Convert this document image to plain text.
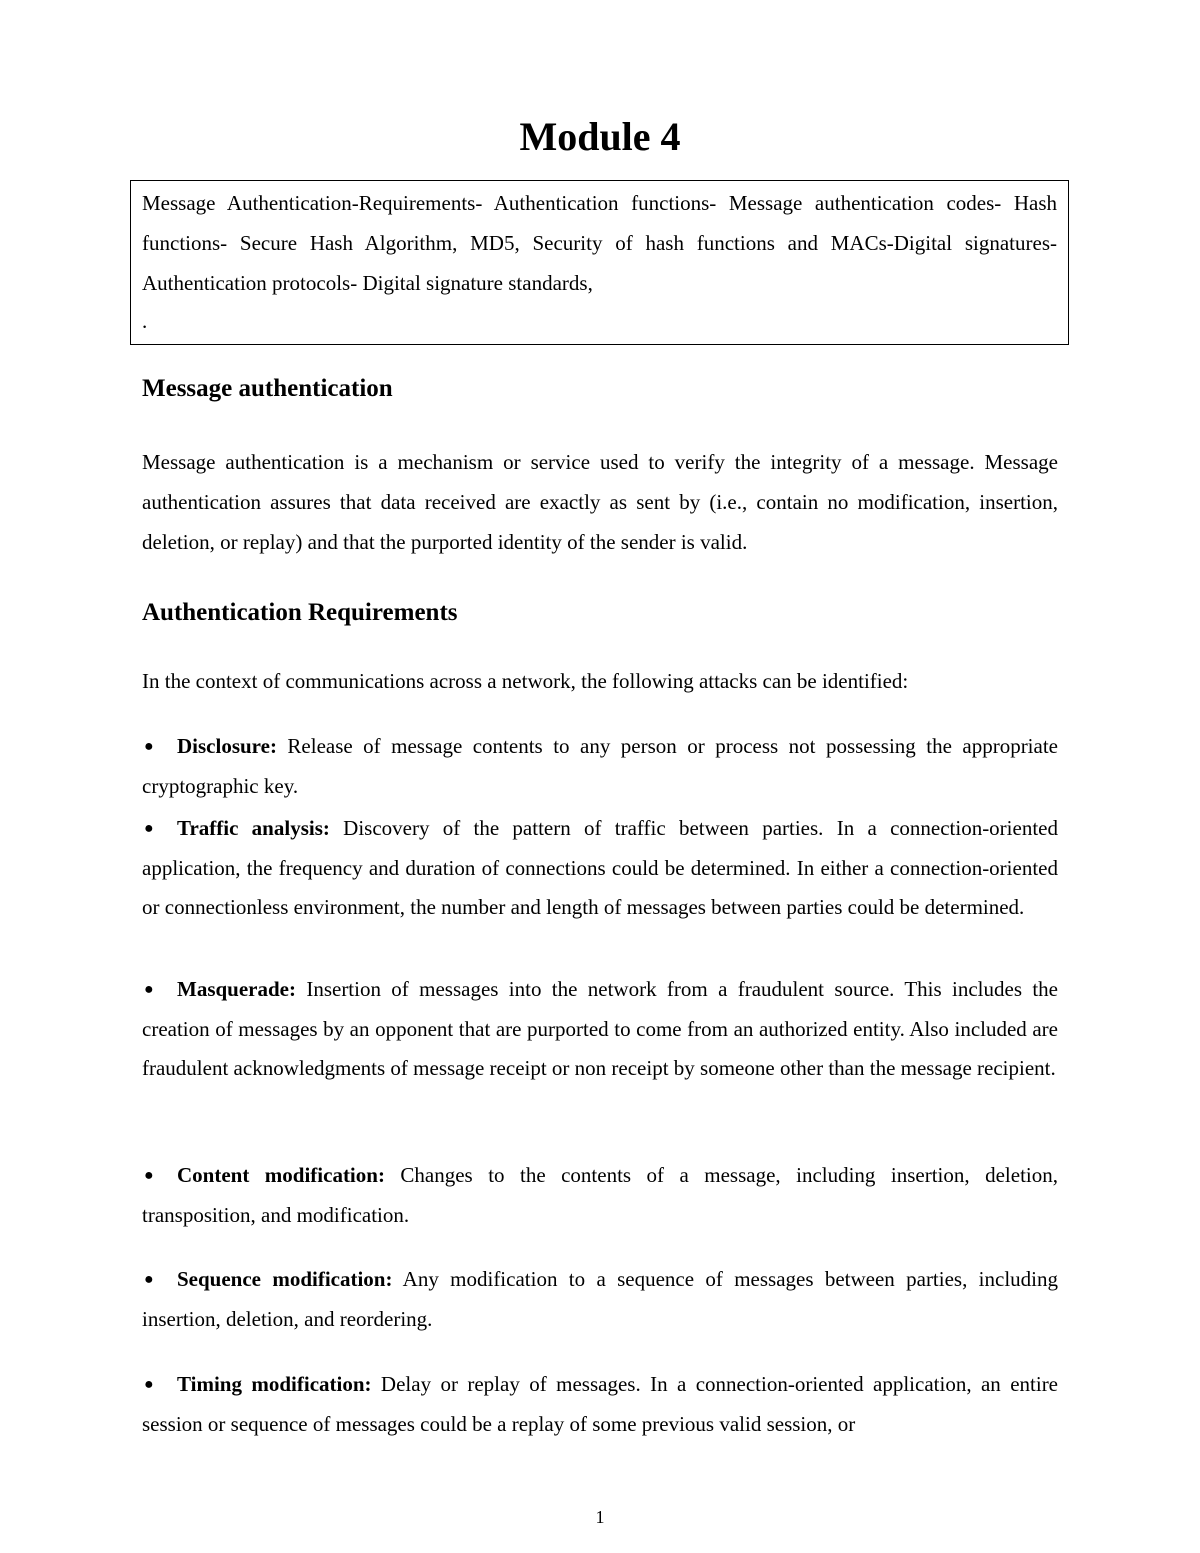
Module 4
Message Authentication-Requirements- Authentication functions- Message authentication codes- Hash functions- Secure Hash Algorithm, MD5, Security of hash functions and MACs-Digital signatures- Authentication protocols- Digital signature standards,
.
Message authentication
Message authentication is a mechanism or service used to verify the integrity of a message. Message authentication assures that data received are exactly as sent by (i.e., contain no modification, insertion, deletion, or replay) and that the purported identity of the sender is valid.
Authentication Requirements
In the context of communications across a network, the following attacks can be identified:
● Disclosure: Release of message contents to any person or process not possessing the appropriate cryptographic key.
● Traffic analysis: Discovery of the pattern of traffic between parties. In a connection-oriented application, the frequency and duration of connections could be determined. In either a connection-oriented or connectionless environment, the number and length of messages between parties could be determined.
● Masquerade: Insertion of messages into the network from a fraudulent source. This includes the creation of messages by an opponent that are purported to come from an authorized entity. Also included are fraudulent acknowledgments of message receipt or non receipt by someone other than the message recipient.
● Content modification: Changes to the contents of a message, including insertion, deletion, transposition, and modification.
● Sequence modification: Any modification to a sequence of messages between parties, including insertion, deletion, and reordering.
● Timing modification: Delay or replay of messages. In a connection-oriented application, an entire session or sequence of messages could be a replay of some previous valid session, or
1
